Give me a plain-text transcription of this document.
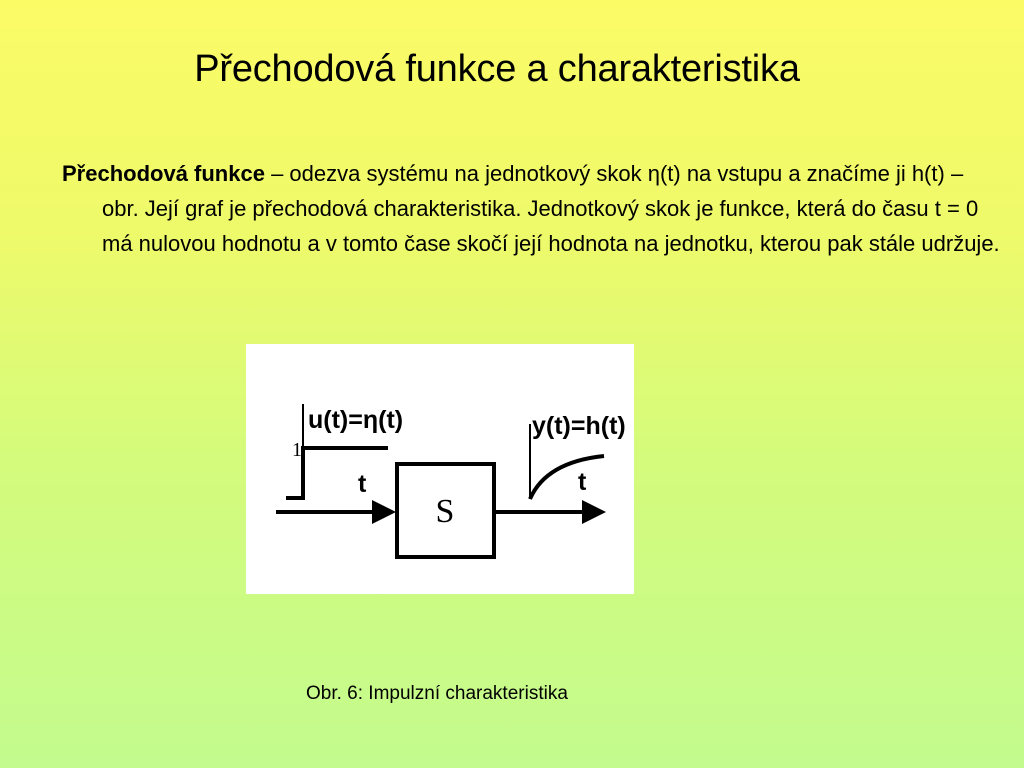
Přechodová funkce a charakteristika

Přechodová funkce – odezva systému na jednotkový skok η(t) na vstupu a značíme ji h(t) – obr. Její graf je přechodová charakteristika. Jednotkový skok je funkce, která do času t = 0 má nulovou hodnotu a v tomto čase skočí její hodnota na jednotku, kterou pak stále udržuje.

1
u(t)=η(t)
t
S
y(t)=h(t)
t

Obr. 6: Impulzní charakteristika
